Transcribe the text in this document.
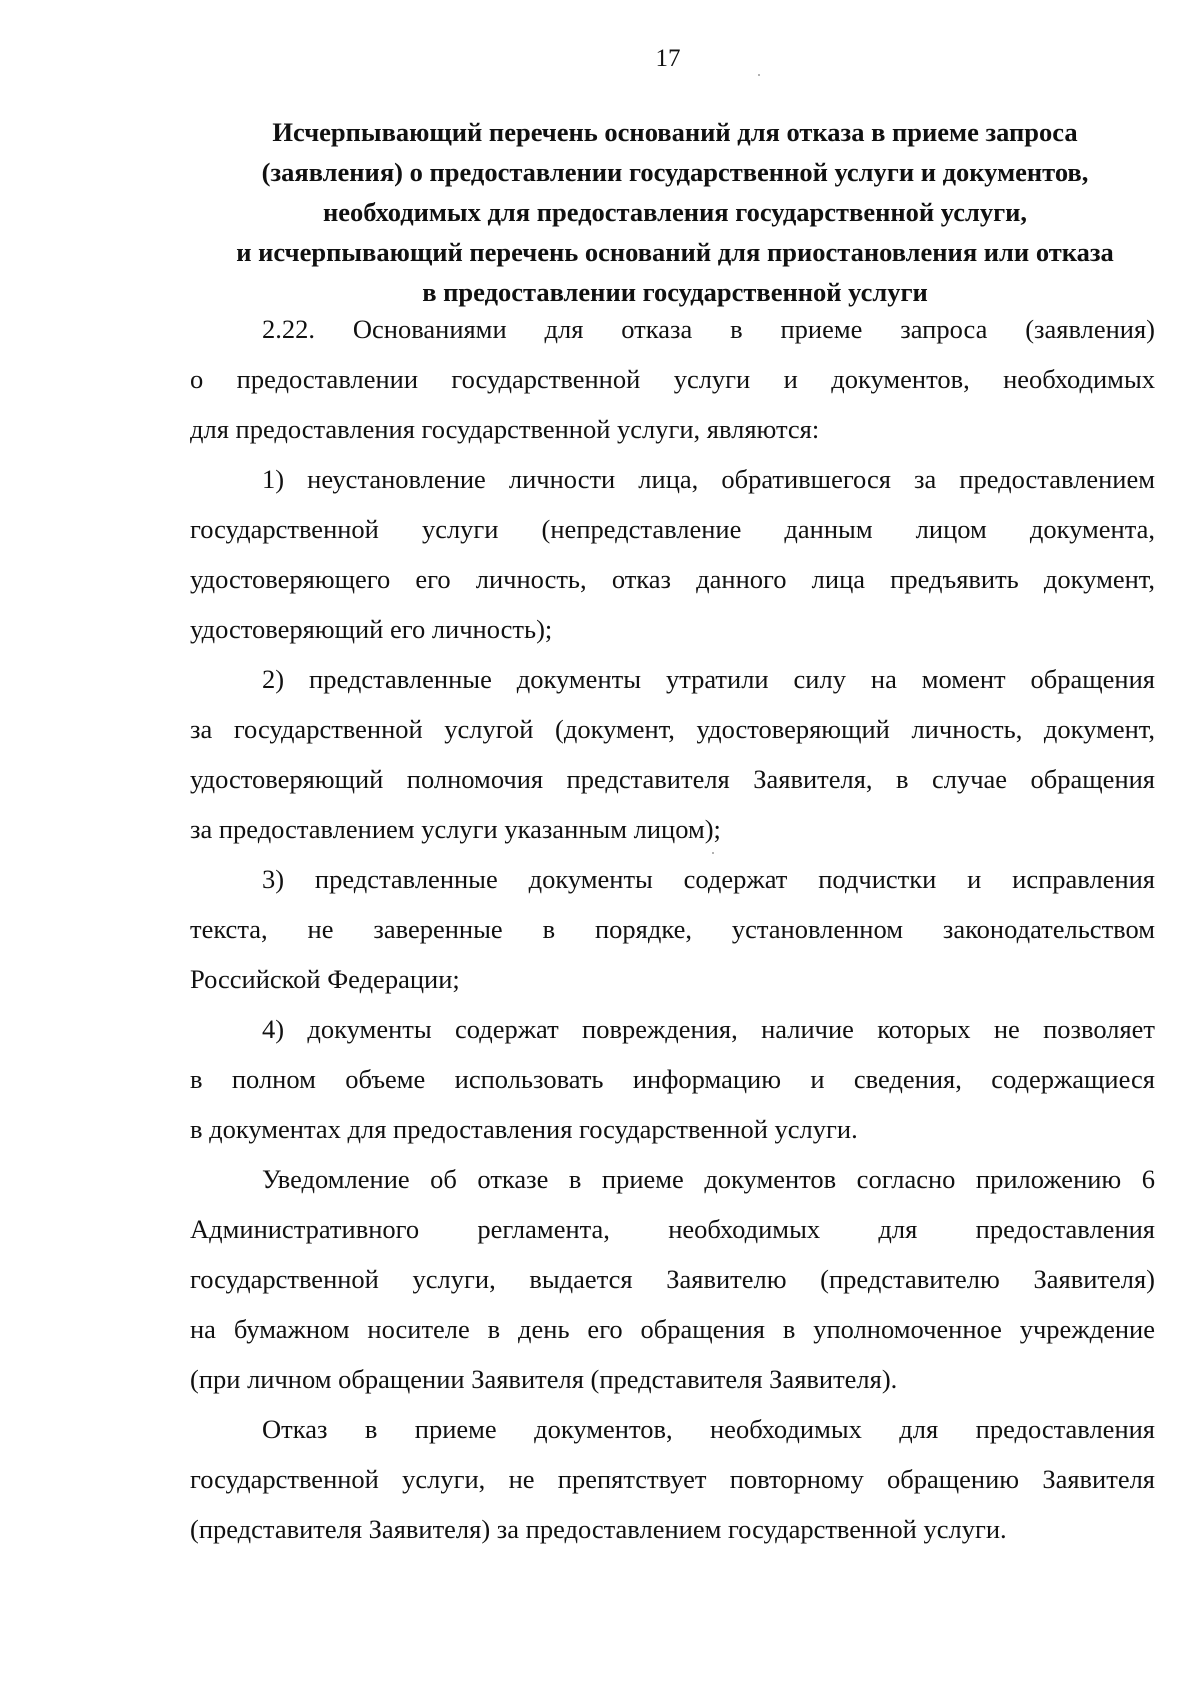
17
Исчерпывающий перечень оснований для отказа в приеме запроса
(заявления) о предоставлении государственной услуги и документов,
необходимых для предоставления государственной услуги,
и исчерпывающий перечень оснований для приостановления или отказа
в предоставлении государственной услуги
2.22. Основаниями для отказа в приеме запроса (заявления)
о предоставлении государственной услуги и документов, необходимых
для предоставления государственной услуги, являются:
1) неустановление личности лица, обратившегося за предоставлением
государственной услуги (непредставление данным лицом документа,
удостоверяющего его личность, отказ данного лица предъявить документ,
удостоверяющий его личность);
2) представленные документы утратили силу на момент обращения
за государственной услугой (документ, удостоверяющий личность, документ,
удостоверяющий полномочия представителя Заявителя, в случае обращения
за предоставлением услуги указанным лицом);
3) представленные документы содержат подчистки и исправления
текста, не заверенные в порядке, установленном законодательством
Российской Федерации;
4) документы содержат повреждения, наличие которых не позволяет
в полном объеме использовать информацию и сведения, содержащиеся
в документах для предоставления государственной услуги.
Уведомление об отказе в приеме документов согласно приложению 6
Административного регламента, необходимых для предоставления
государственной услуги, выдается Заявителю (представителю Заявителя)
на бумажном носителе в день его обращения в уполномоченное учреждение
(при личном обращении Заявителя (представителя Заявителя).
Отказ в приеме документов, необходимых для предоставления
государственной услуги, не препятствует повторному обращению Заявителя
(представителя Заявителя) за предоставлением государственной услуги.
